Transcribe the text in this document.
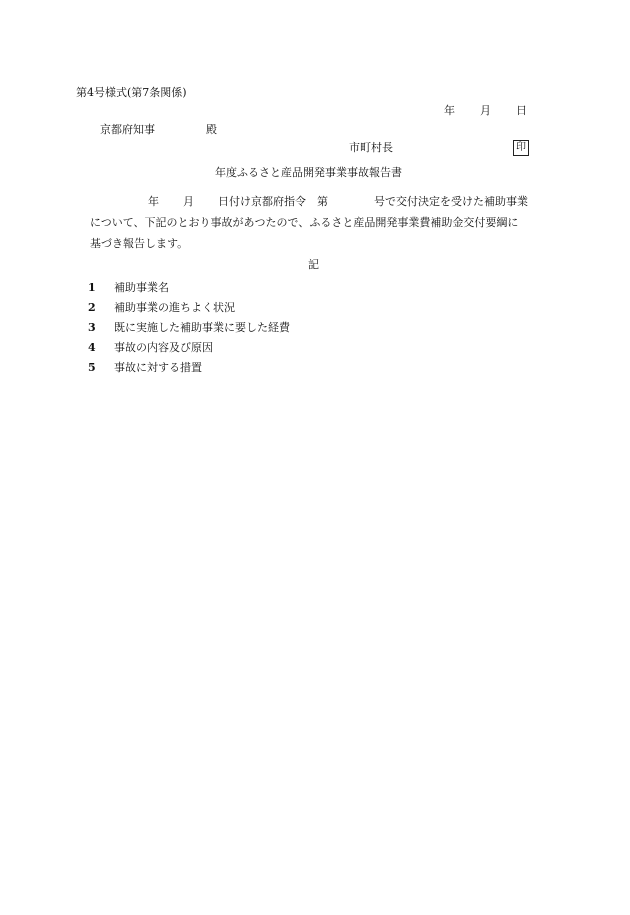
第4号様式(第7条関係)
年 月 日
京都府知事	殿
市町村長	印
年度ふるさと産品開発事業事故報告書
年 月 日付け京都府指令　第	号で交付決定を受けた補助事業
について、下記のとおり事故があつたので、ふるさと産品開発事業費補助金交付要綱に
基づき報告します。
記
1	補助事業名
2	補助事業の進ちよく状況
3	既に実施した補助事業に要した経費
4	事故の内容及び原因
5	事故に対する措置
